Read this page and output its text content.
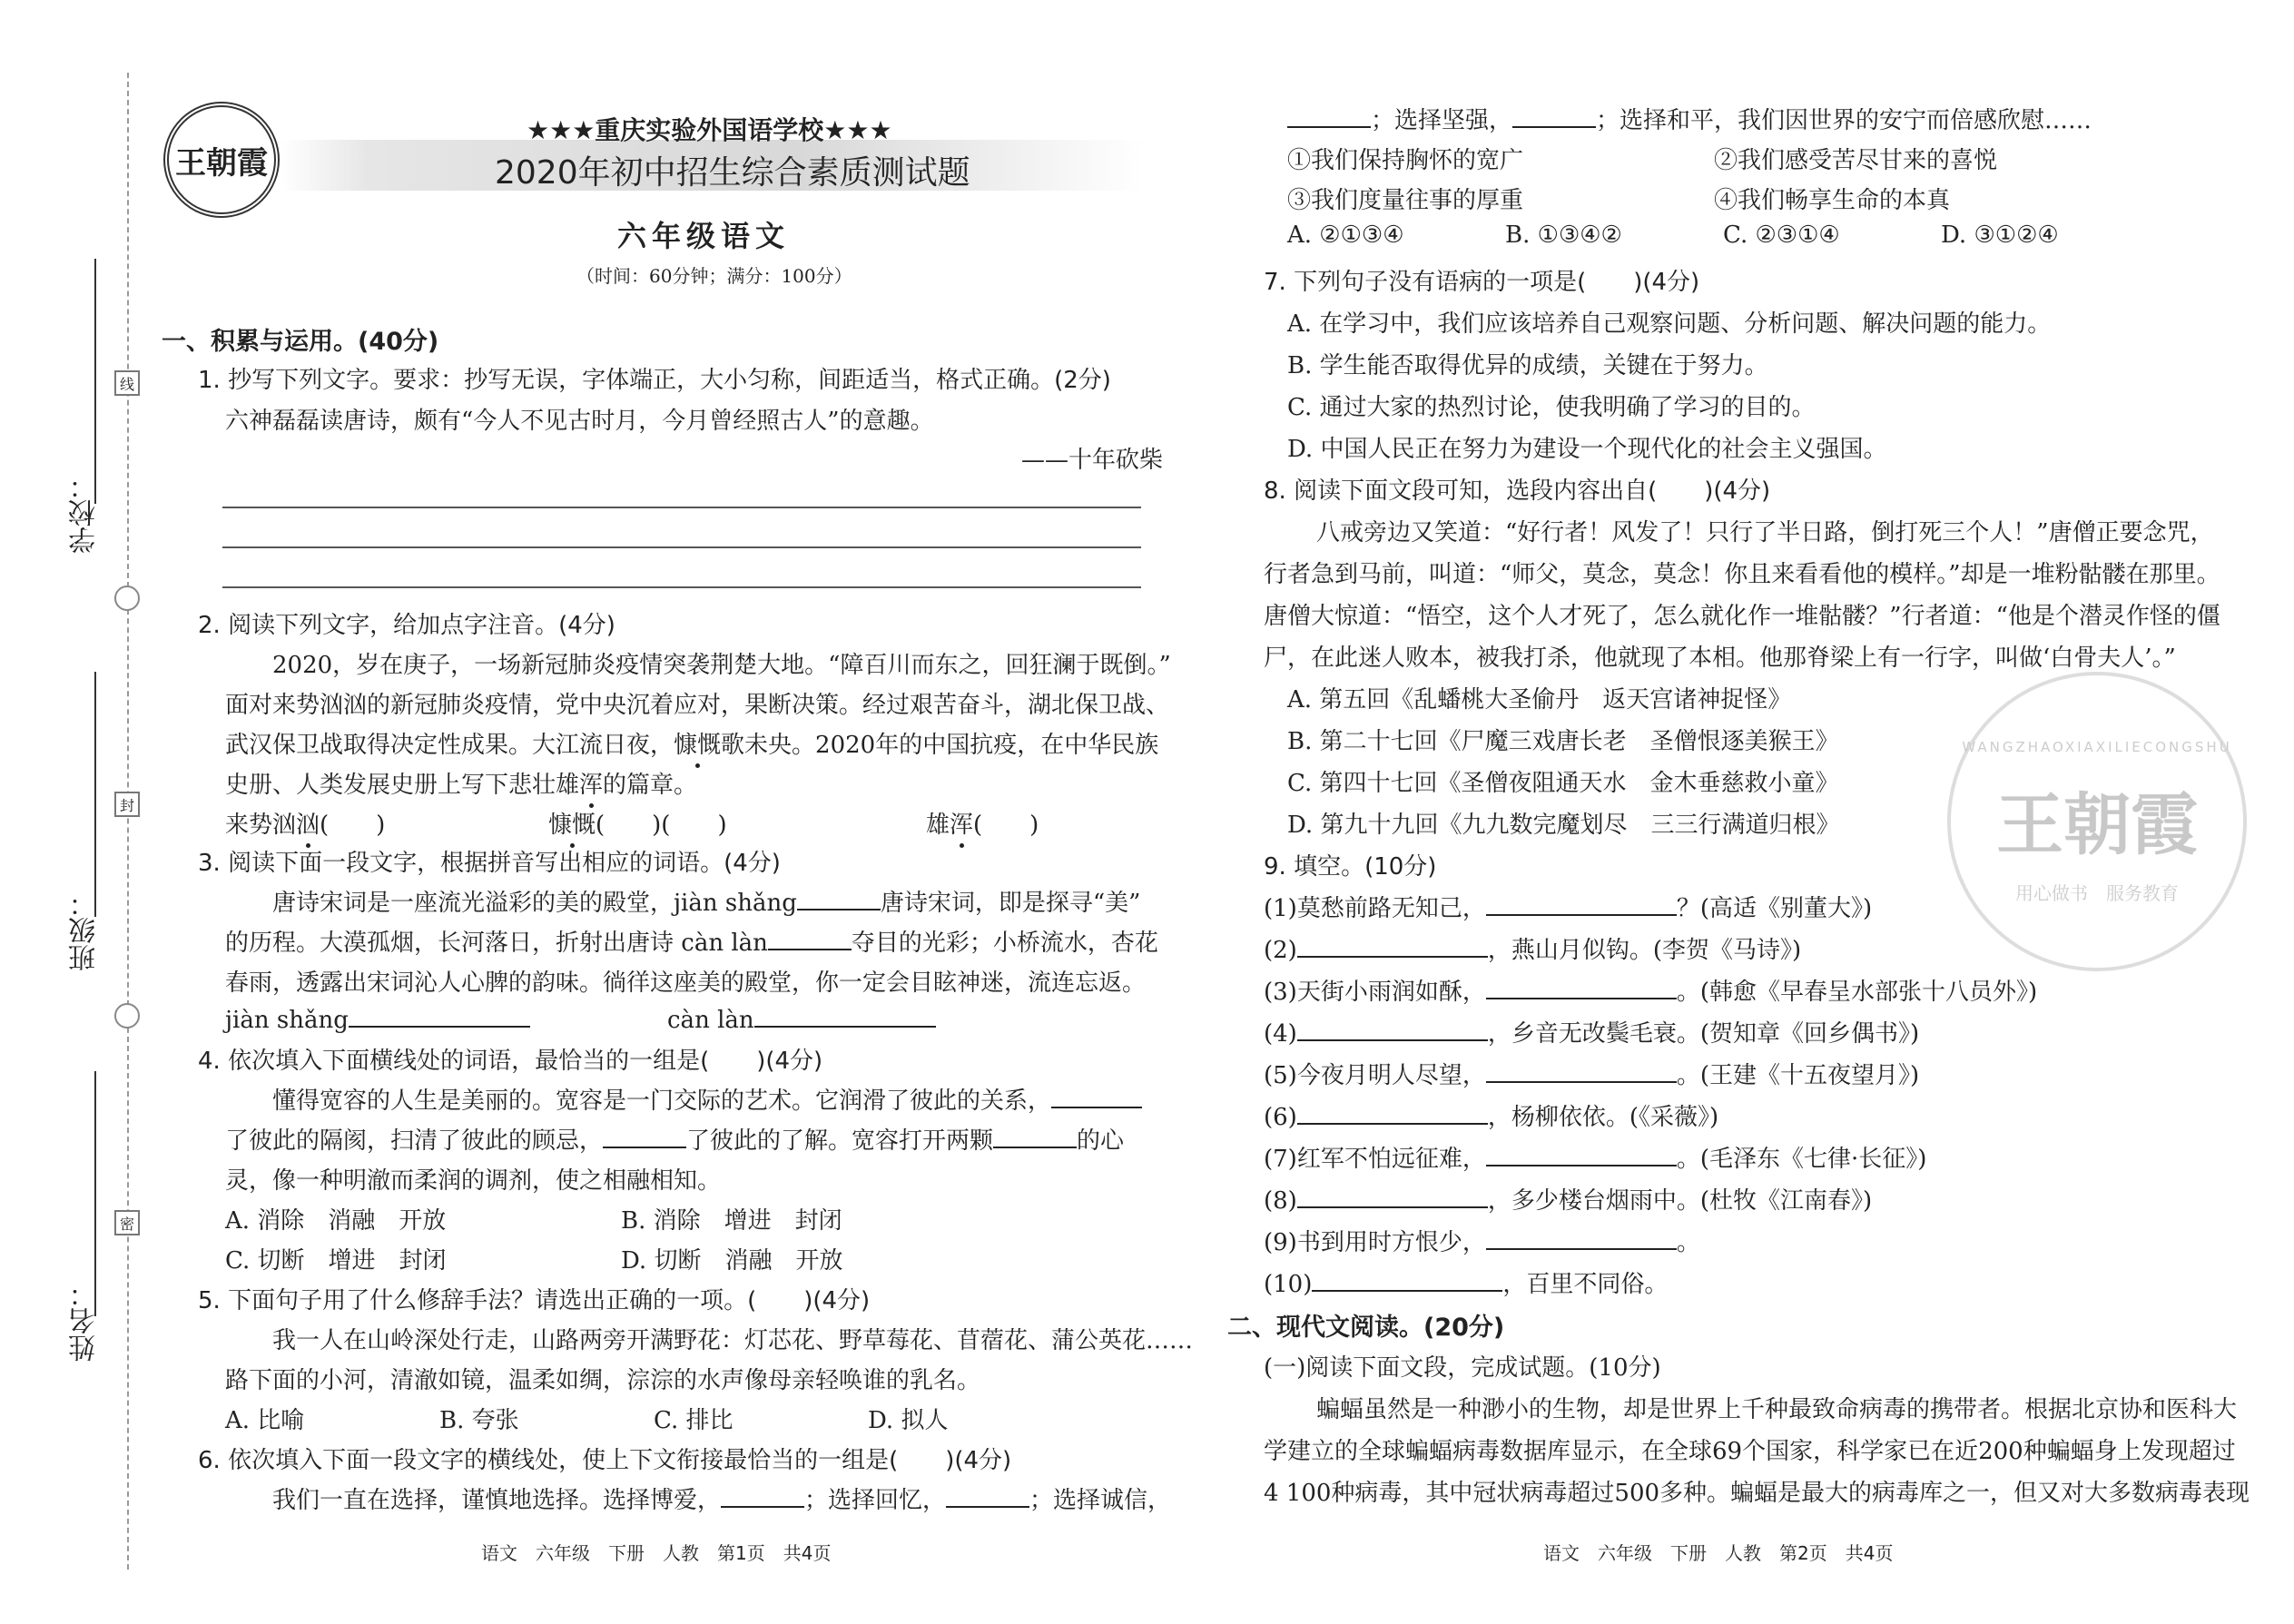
线
封
密
学校：
班级：
姓名：
王朝霞
★★★重庆实验外国语学校★★★
2020年初中招生综合素质测试题
六年级语文
（时间：60分钟；满分：100分）
一、积累与运用。(40分)
1. 抄写下列文字。要求：抄写无误，字体端正，大小匀称，间距适当，格式正确。(2分)
六神磊磊读唐诗，颇有“今人不见古时月，今月曾经照古人”的意趣。
——十年砍柴
2. 阅读下列文字，给加点字注音。(4分)
2020，岁在庚子，一场新冠肺炎疫情突袭荆楚大地。“障百川而东之，回狂澜于既倒。”
面对来势汹汹的新冠肺炎疫情，党中央沉着应对，果断决策。经过艰苦奋斗，湖北保卫战、
武汉保卫战取得决定性成果。大江流日夜，慷慨歌未央。2020年的中国抗疫，在中华民族
史册、人类发展史册上写下悲壮雄浑的篇章。
来势汹汹(　　)	慷慨(　　)(　　)	雄浑(　　)
3. 阅读下面一段文字，根据拼音写出相应的词语。(4分)
唐诗宋词是一座流光溢彩的美的殿堂，jiàn shǎng	唐诗宋词，即是探寻“美”
的历程。大漠孤烟，长河落日，折射出唐诗 càn làn	夺目的光彩；小桥流水，杏花
春雨，透露出宋词沁人心脾的韵味。徜徉这座美的殿堂，你一定会目眩神迷，流连忘返。
jiàn shǎng	càn làn
4. 依次填入下面横线处的词语，最恰当的一组是(　　)(4分)
懂得宽容的人生是美丽的。宽容是一门交际的艺术。它润滑了彼此的关系，
了彼此的隔阂，扫清了彼此的顾忌，	了彼此的了解。宽容打开两颗	的心
灵，像一种明澈而柔润的调剂，使之相融相知。
A. 消除　消融　开放	B. 消除　增进　封闭
C. 切断　增进　封闭	D. 切断　消融　开放
5. 下面句子用了什么修辞手法？请选出正确的一项。(　　)(4分)
我一人在山岭深处行走，山路两旁开满野花：灯芯花、野草莓花、苜蓿花、蒲公英花……
路下面的小河，清澈如镜，温柔如绸，淙淙的水声像母亲轻唤谁的乳名。
A. 比喻	B. 夸张	C. 排比	D. 拟人
6. 依次填入下面一段文字的横线处，使上下文衔接最恰当的一组是(　　)(4分)
我们一直在选择，谨慎地选择。选择博爱，	；选择回忆，	；选择诚信，
语文　六年级　下册　人教　第1页　共4页
；选择坚强，	；选择和平，我们因世界的安宁而倍感欣慰……
①我们保持胸怀的宽广	②我们感受苦尽甘来的喜悦
③我们度量往事的厚重	④我们畅享生命的本真
A. ②①③④	B. ①③④②	C. ②③①④	D. ③①②④
7. 下列句子没有语病的一项是(　　)(4分)
A. 在学习中，我们应该培养自己观察问题、分析问题、解决问题的能力。
B. 学生能否取得优异的成绩，关键在于努力。
C. 通过大家的热烈讨论，使我明确了学习的目的。
D. 中国人民正在努力为建设一个现代化的社会主义强国。
8. 阅读下面文段可知，选段内容出自(　　)(4分)
八戒旁边又笑道：“好行者！风发了！只行了半日路，倒打死三个人！”唐僧正要念咒，
行者急到马前，叫道：“师父，莫念，莫念！你且来看看他的模样。”却是一堆粉骷髅在那里。
唐僧大惊道：“悟空，这个人才死了，怎么就化作一堆骷髅？”行者道：“他是个潜灵作怪的僵
尸，在此迷人败本，被我打杀，他就现了本相。他那脊梁上有一行字，叫做‘白骨夫人’。”
A. 第五回《乱蟠桃大圣偷丹　返天宫诸神捉怪》
B. 第二十七回《尸魔三戏唐长老　圣僧恨逐美猴王》
C. 第四十七回《圣僧夜阻通天水　金木垂慈救小童》
D. 第九十九回《九九数完魔划尽　三三行满道归根》
9. 填空。(10分)
(1)莫愁前路无知己，	？(高适《别董大》)
(2)	，燕山月似钩。(李贺《马诗》)
(3)天街小雨润如酥，	。(韩愈《早春呈水部张十八员外》)
(4)	，乡音无改鬓毛衰。(贺知章《回乡偶书》)
(5)今夜月明人尽望，	。(王建《十五夜望月》)
(6)	，杨柳依依。(《采薇》)
(7)红军不怕远征难，	。(毛泽东《七律·长征》)
(8)	，多少楼台烟雨中。(杜牧《江南春》)
(9)书到用时方恨少，	。
(10)	，百里不同俗。
二、现代文阅读。(20分)
(一)阅读下面文段，完成试题。(10分)
蝙蝠虽然是一种渺小的生物，却是世界上千种最致命病毒的携带者。根据北京协和医科大
学建立的全球蝙蝠病毒数据库显示，在全球69个国家，科学家已在近200种蝙蝠身上发现超过
4 100种病毒，其中冠状病毒超过500多种。蝙蝠是最大的病毒库之一，但又对大多数病毒表现
语文　六年级　下册　人教　第2页　共4页
WANGZHAOXIAXILIECONGSHU
王朝霞
用心做书　服务教育
